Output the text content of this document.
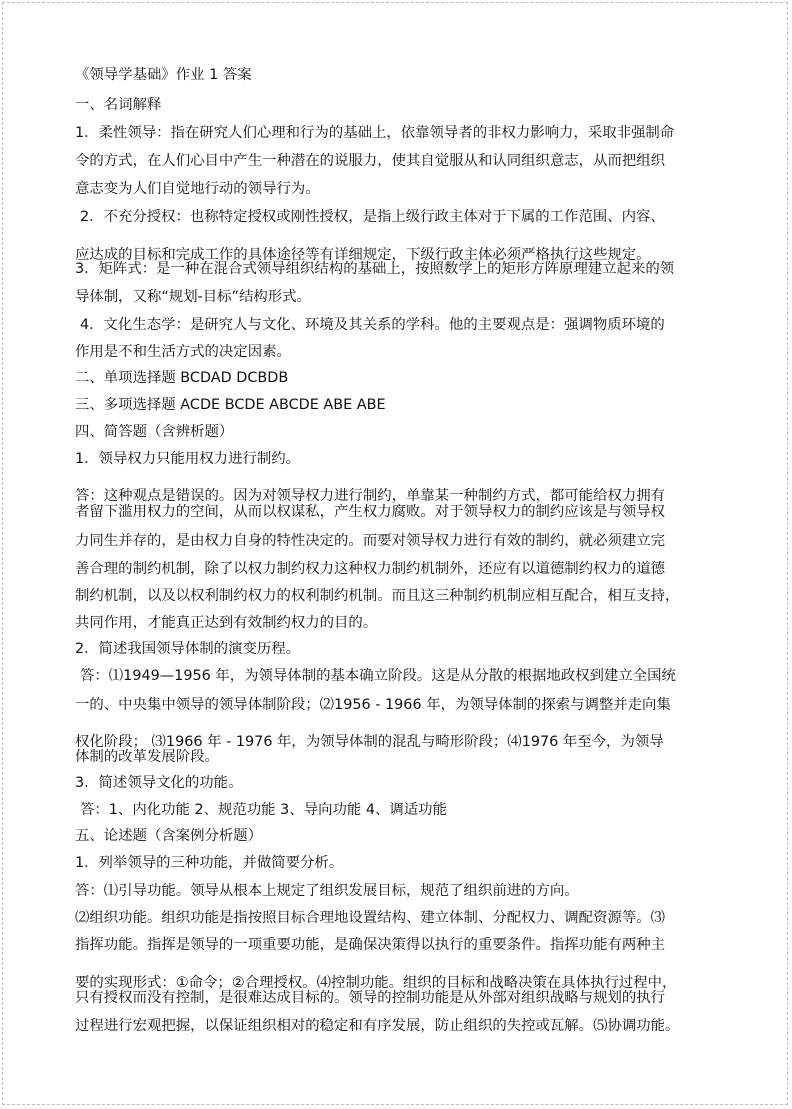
《领导学基础》作业 1 答案
一、名词解释
1．柔性领导：指在研究人们心理和行为的基础上，依靠领导者的非权力影响力，采取非强制命
令的方式，在人们心目中产生一种潜在的说服力，使其自觉服从和认同组织意志，从而把组织
意志变为人们自觉地行动的领导行为。
2．不充分授权：也称特定授权或刚性授权，是指上级行政主体对于下属的工作范围、内容、
应达成的目标和完成工作的具体途径等有详细规定，下级行政主体必须严格执行这些规定。
3．矩阵式：是一种在混合式领导组织结构的基础上，按照数学上的矩形方阵原理建立起来的领
导体制，又称“规划-目标”结构形式。
4．文化生态学：是研究人与文化、环境及其关系的学科。他的主要观点是：强调物质环境的
作用是不和生活方式的决定因素。
二、单项选择题 BCDAD DCBDB
三、多项选择题 ACDE BCDE ABCDE ABE ABE
四、简答题（含辨析题）
1．领导权力只能用权力进行制约。
答：这种观点是错误的。因为对领导权力进行制约，单靠某一种制约方式，都可能给权力拥有
者留下滥用权力的空间，从而以权谋私，产生权力腐败。对于领导权力的制约应该是与领导权
力同生并存的，是由权力自身的特性决定的。而要对领导权力进行有效的制约，就必须建立完
善合理的制约机制，除了以权力制约权力这种权力制约机制外，还应有以道德制约权力的道德
制约机制，以及以权利制约权力的权利制约机制。而且这三种制约机制应相互配合，相互支持，
共同作用，才能真正达到有效制约权力的目的。
2．简述我国领导体制的演变历程。
答：⑴1949—1956 年，为领导体制的基本确立阶段。这是从分散的根据地政权到建立全国统
一的、中央集中领导的领导体制阶段；⑵1956 - 1966 年，为领导体制的探索与调整并走向集
权化阶段； ⑶1966 年 - 1976 年，为领导体制的混乱与畸形阶段；⑷1976 年至今，为领导
体制的改革发展阶段。
3．简述领导文化的功能。
答：1、内化功能 2、规范功能 3、导向功能 4、调适功能
五、论述题（含案例分析题）
1．列举领导的三种功能，并做简要分析。
答：⑴引导功能。领导从根本上规定了组织发展目标，规范了组织前进的方向。
⑵组织功能。组织功能是指按照目标合理地设置结构、建立体制、分配权力、调配资源等。⑶
指挥功能。指挥是领导的一项重要功能，是确保决策得以执行的重要条件。指挥功能有两种主
要的实现形式：①命令；②合理授权。⑷控制功能。组织的目标和战略决策在具体执行过程中，
只有授权而没有控制，是很难达成目标的。领导的控制功能是从外部对组织战略与规划的执行
过程进行宏观把握，以保证组织相对的稳定和有序发展，防止组织的失控或瓦解。⑸协调功能。
